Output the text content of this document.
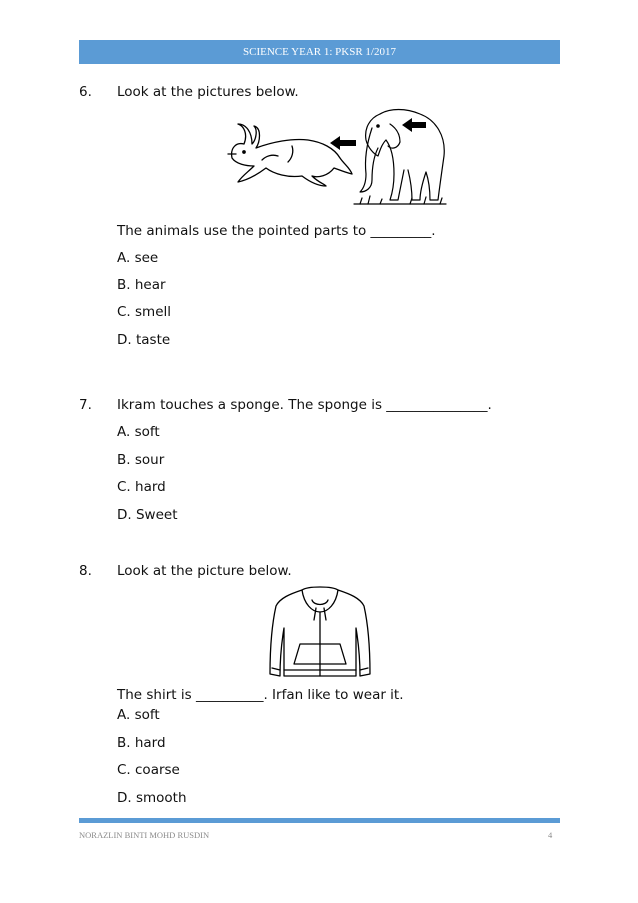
SCIENCE YEAR 1: PKSR 1/2017
6. Look at the pictures below.
The animals use the pointed parts to _________.
A. see
B. hear
C. smell
D. taste
7. Ikram touches a sponge. The sponge is _______________.
A. soft
B. sour
C. hard
D. Sweet
8. Look at the picture below.
The shirt is __________. Irfan like to wear it.
A. soft
B. hard
C. coarse
D. smooth
NORAZLIN BINTI MOHD RUSDIN	4
